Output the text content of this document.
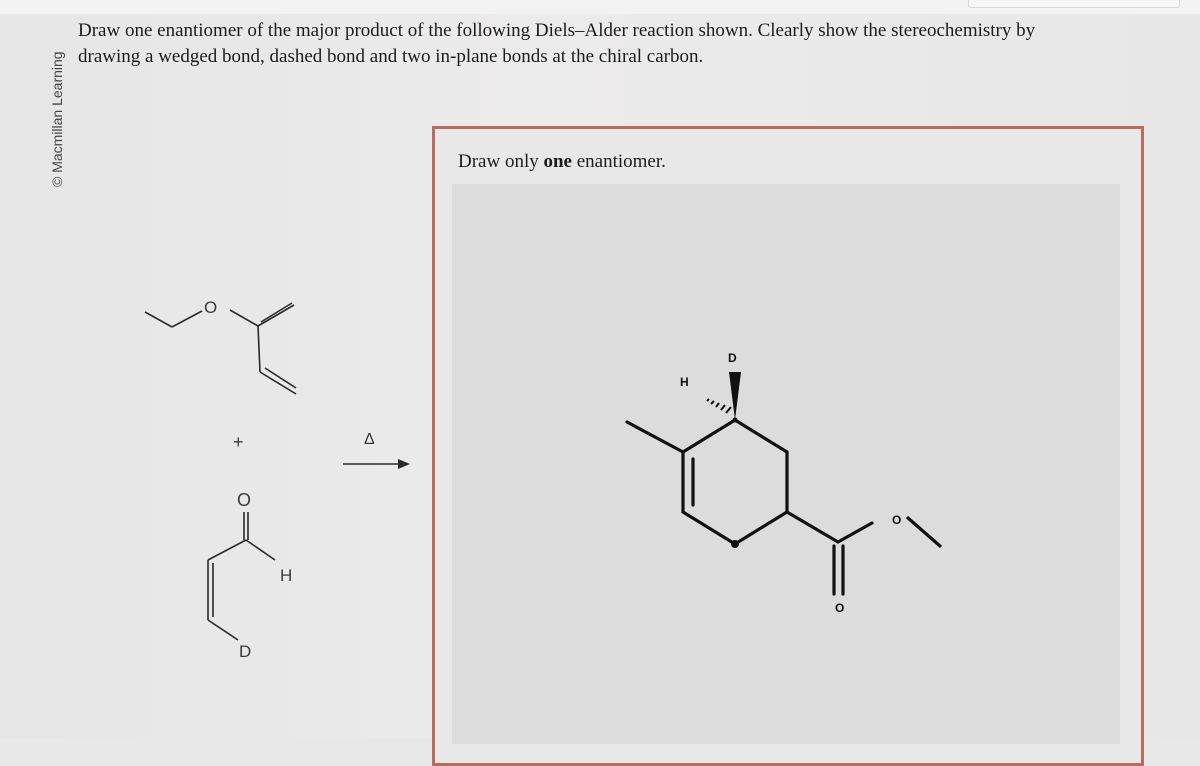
© Macmillan Learning
Draw one enantiomer of the major product of the following Diels–Alder reaction shown. Clearly show the stereochemistry by
drawing a wedged bond, dashed bond and two in-plane bonds at the chiral carbon.
Draw only one enantiomer.
O
+
O
H
D
Δ
H
D
O
O
